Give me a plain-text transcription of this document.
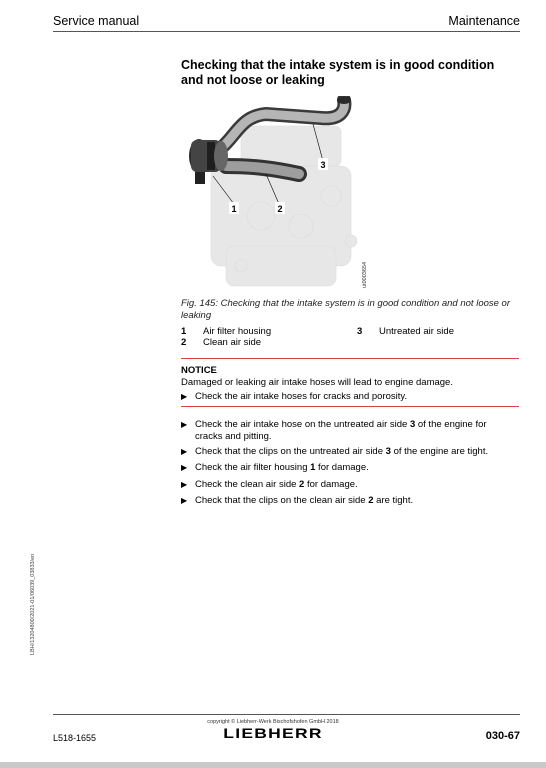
Service manual	Maintenance
Checking that the intake system is in good condition and not loose or leaking
1	2
3
ut0003654
Fig. 145: Checking that the intake system is in good condition and not loose or leaking
1 Air filter housing	3 Untreated air side
2 Clean air side
NOTICE
Damaged or leaking air intake hoses will lead to engine damage.
▶ Check the air intake hoses for cracks and porosity.
▶ Check the air intake hose on the untreated air side 3 of the engine for cracks and pitting.
▶ Check that the clips on the untreated air side 3 of the engine are tight.
▶ Check the air filter housing 1 for damage.
▶ Check the clean air side 2 for damage.
▶ Check that the clips on the clean air side 2 are tight.
LBH/13204800/2021-01/06039_03833/en
copyright © Liebherr-Werk Bischofshofen GmbH 2018
LIEBHERR
L518-1655	030-67
